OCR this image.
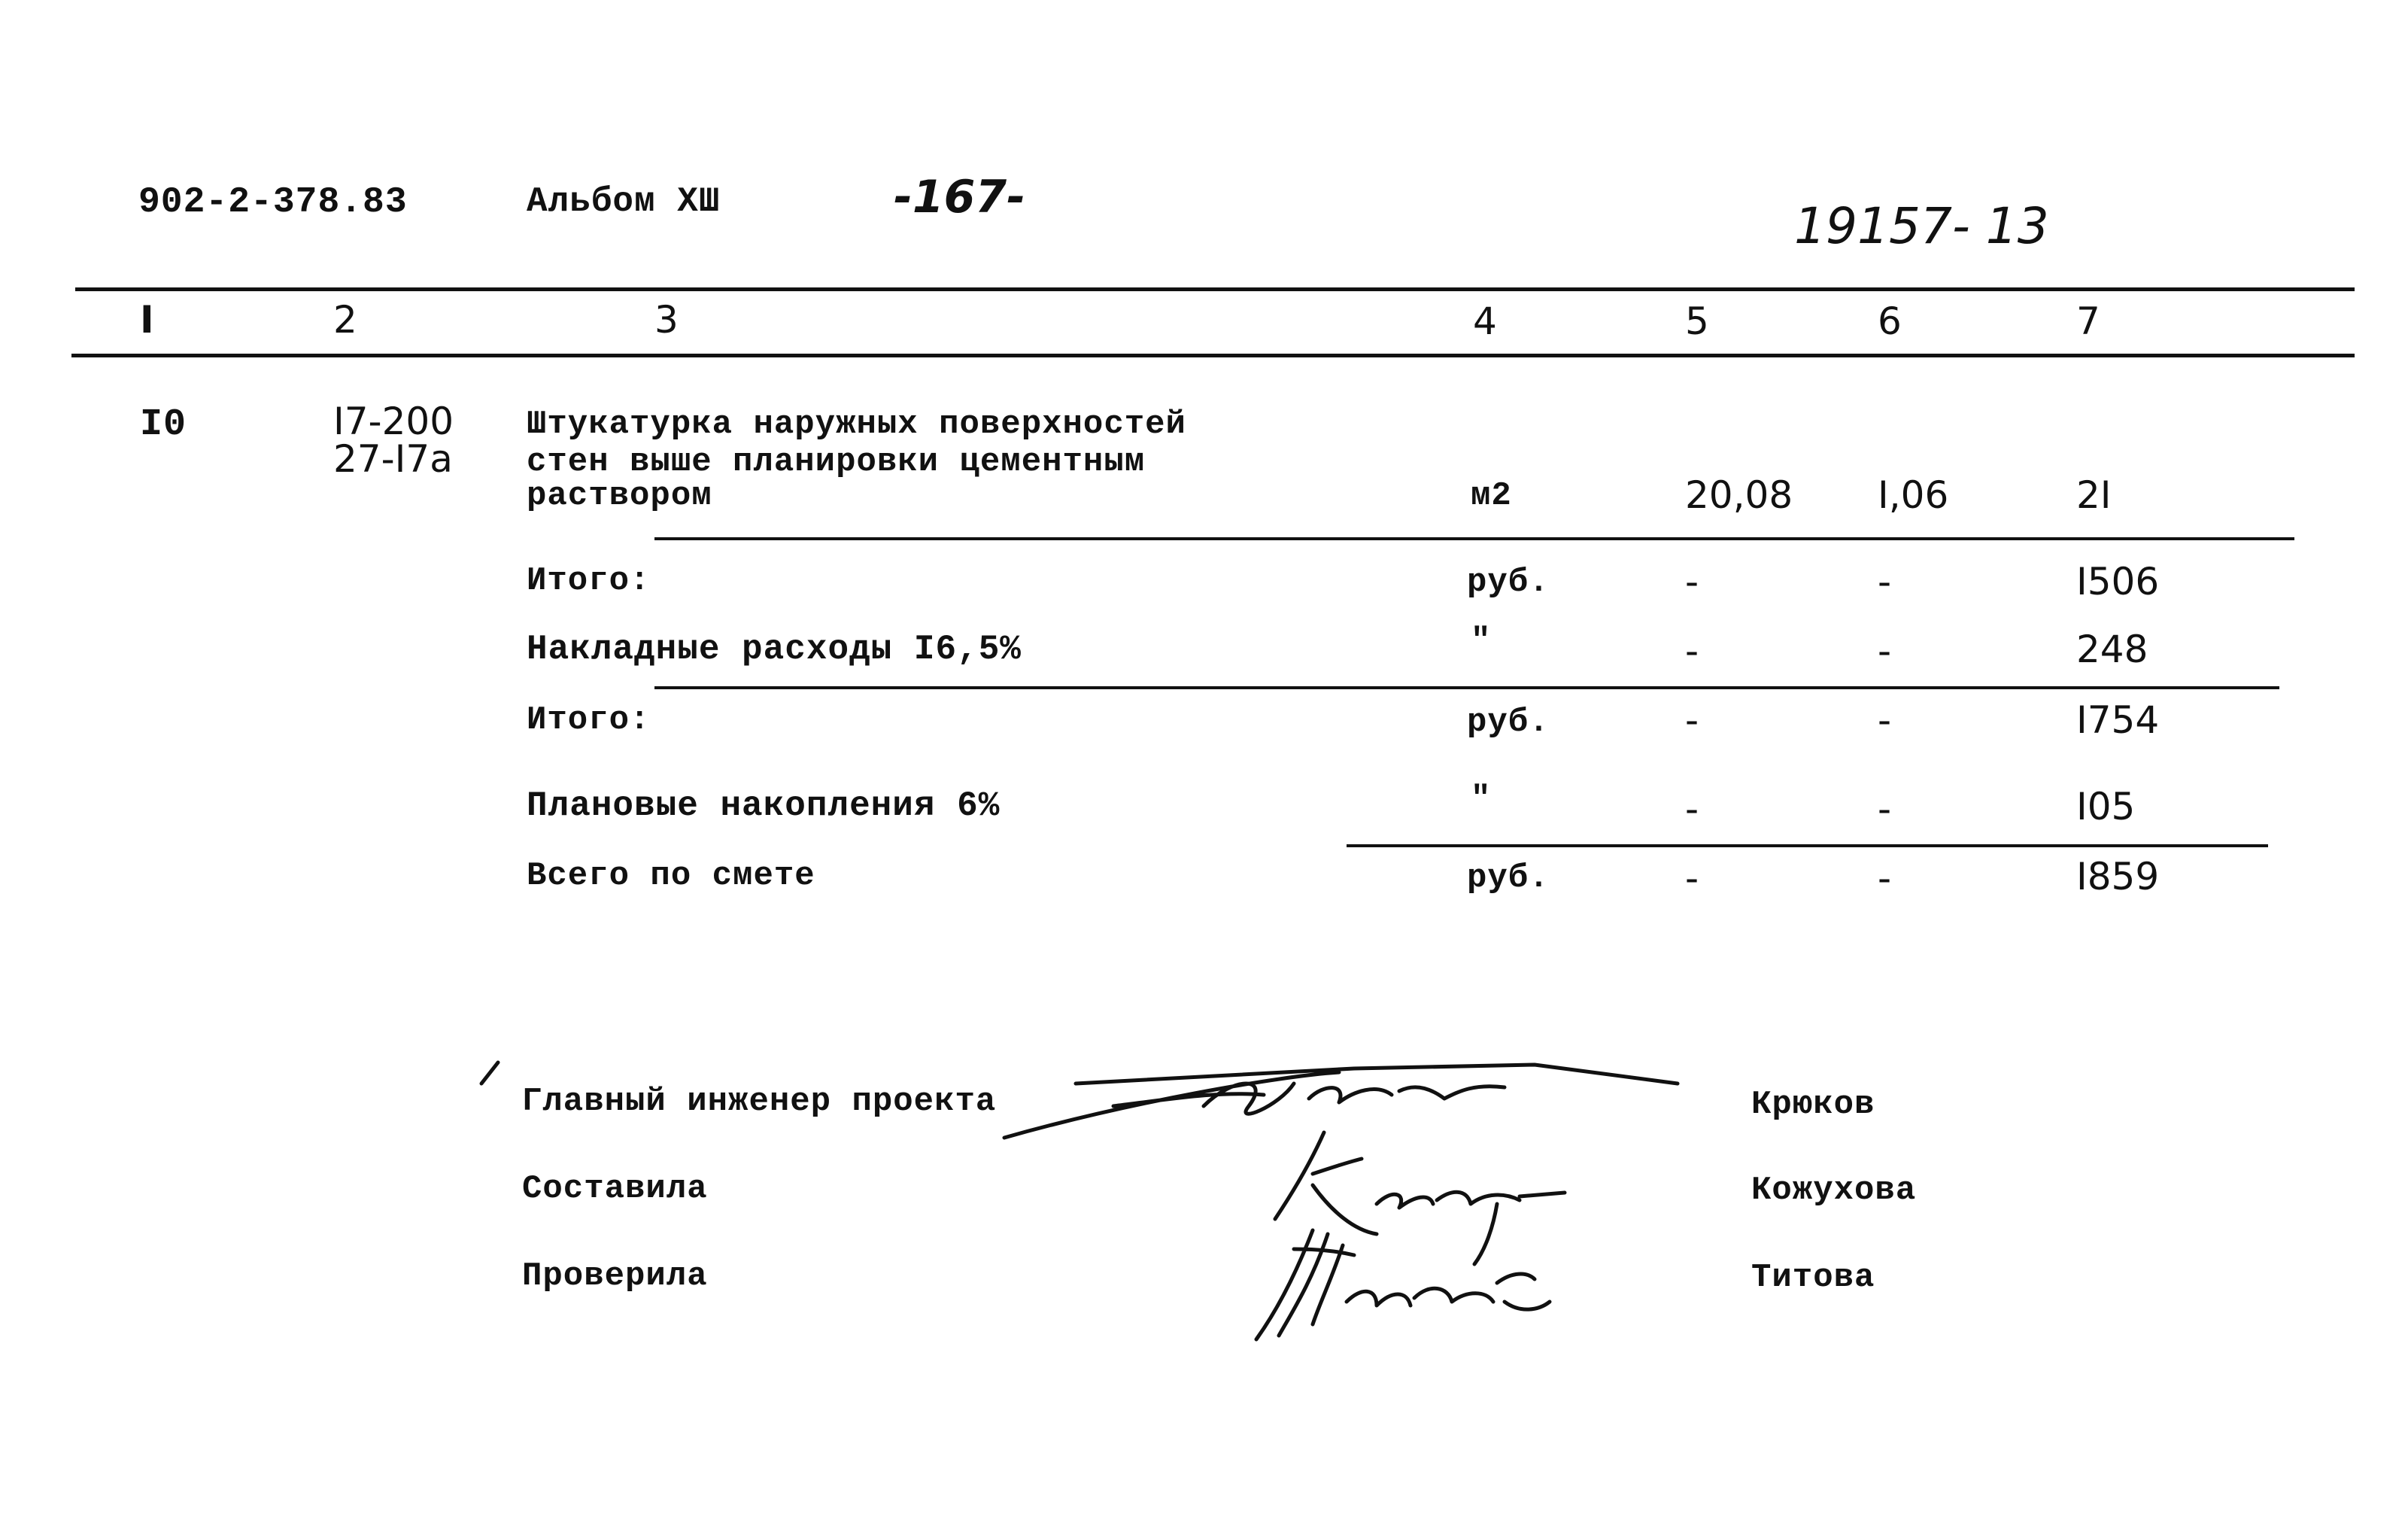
902-2-378.83	Альбом XШ	-167-	19157- 13
I	2	3	4	5	6	7
I0	I7-200
27-I7а
Штукатурка наружных поверхностей
стен выше планировки цементным
раствором	м2	20,08 I,06	2I
Итого:	руб.	-	-	I506
Накладные расходы I6,5%	"	-	-	248
Итого:	руб.	-	-	I754
Плановые накопления 6%	"	-	-	I05
Всего по смете	руб.	-	-	I859
Главный инженер проекта	Крюков
Составила	Кожухова
Проверила	Титова
